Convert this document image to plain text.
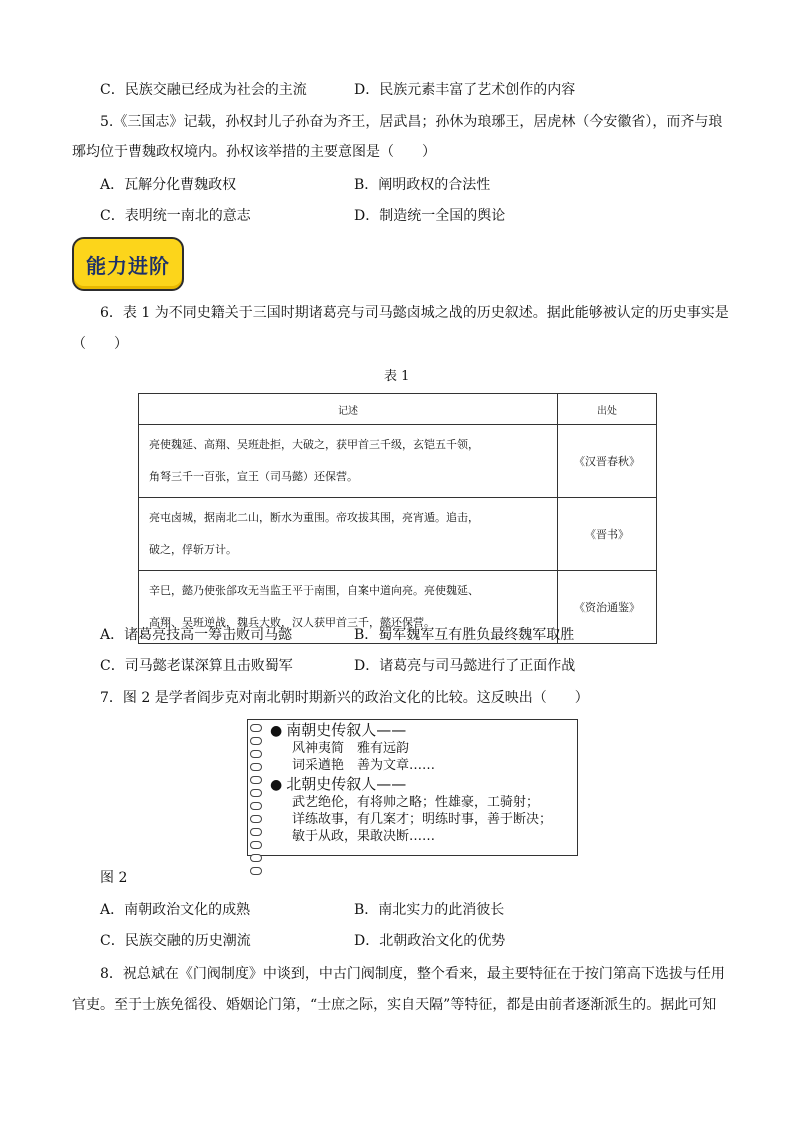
C．民族交融已经成为社会的主流	D．民族元素丰富了艺术创作的内容
5.《三国志》记载，孙权封儿子孙奋为齐王，居武昌；孙休为琅琊王，居虎林（今安徽省），而齐与琅
琊均位于曹魏政权境内。孙权该举措的主要意图是（　　）
A．瓦解分化曹魏政权	B．阐明政权的合法性
C．表明统一南北的意志	D．制造统一全国的舆论
能力进阶
6．表 1 为不同史籍关于三国时期诸葛亮与司马懿卤城之战的历史叙述。据此能够被认定的历史事实是
（　　）
表 1
记述	出处

亮使魏延、高翔、吴班赴拒，大破之，获甲首三千级，玄铠五千领，
角弩三千一百张，宣王（司马懿）还保营。	《汉晋春秋》

亮屯卤城，据南北二山，断水为重围。帝攻拔其围，亮宵遁。追击，
破之，俘斩万计。	《晋书》

辛巳，懿乃使张郃攻无当监王平于南围，自案中道向亮。亮使魏延、
高翔、吴班逆战，魏兵大败，汉人获甲首三千，懿还保营。	《资治通鉴》
A．诸葛亮技高一筹击败司马懿	B．蜀军魏军互有胜负最终魏军取胜
C．司马懿老谋深算且击败蜀军	D．诸葛亮与司马懿进行了正面作战
7．图 2 是学者阎步克对南北朝时期新兴的政治文化的比较。这反映出（　　）
● 南朝史传叙人——
风神夷简　雅有远韵
词采遒艳　善为文章……
● 北朝史传叙人——
武艺绝伦，有将帅之略；性雄豪，工骑射；
详练故事，有几案才；明练时事，善于断决；
敏于从政，果敢决断……
图 2
A．南朝政治文化的成熟	B．南北实力的此消彼长
C．民族交融的历史潮流	D．北朝政治文化的优势
8．祝总斌在《门阀制度》中谈到，中古门阀制度，整个看来，最主要特征在于按门第高下选拔与任用
官吏。至于士族免徭役、婚姻论门第，“士庶之际，实自天隔”等特征，都是由前者逐渐派生的。据此可知
